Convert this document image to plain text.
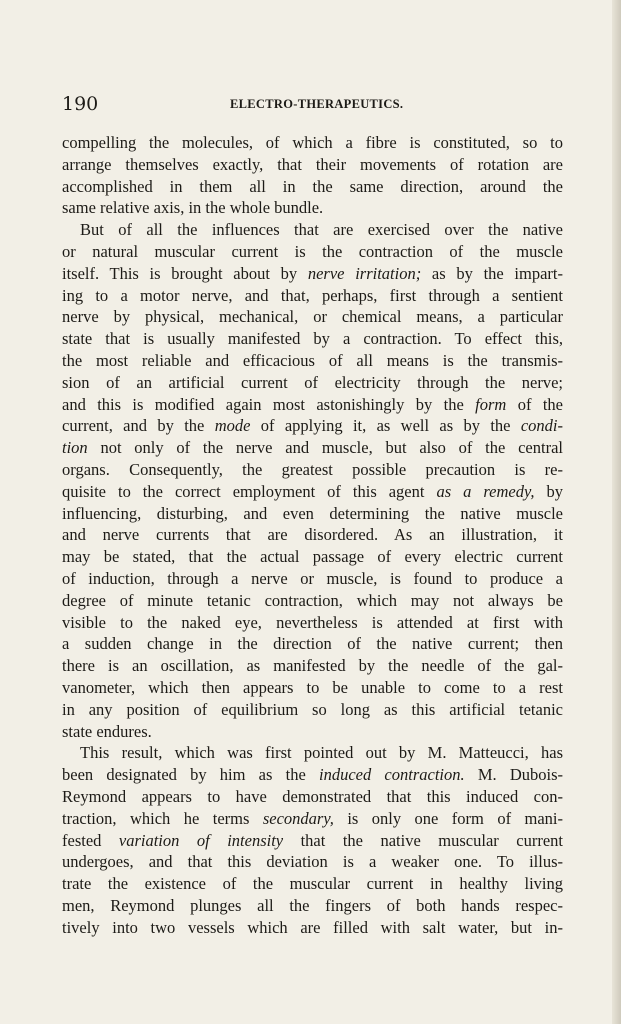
190	ELECTRO-THERAPEUTICS.
compelling the molecules, of which a fibre is constituted, so to
arrange themselves exactly, that their movements of rotation are
accomplished in them all in the same direction, around the
same relative axis, in the whole bundle.
But of all the influences that are exercised over the native
or natural muscular current is the contraction of the muscle
itself. This is brought about by nerve irritation; as by the impart-
ing to a motor nerve, and that, perhaps, first through a sentient
nerve by physical, mechanical, or chemical means, a particular
state that is usually manifested by a contraction. To effect this,
the most reliable and efficacious of all means is the transmis-
sion of an artificial current of electricity through the nerve;
and this is modified again most astonishingly by the form of the
current, and by the mode of applying it, as well as by the condi-
tion not only of the nerve and muscle, but also of the central
organs. Consequently, the greatest possible precaution is re-
quisite to the correct employment of this agent as a remedy, by
influencing, disturbing, and even determining the native muscle
and nerve currents that are disordered. As an illustration, it
may be stated, that the actual passage of every electric current
of induction, through a nerve or muscle, is found to produce a
degree of minute tetanic contraction, which may not always be
visible to the naked eye, nevertheless is attended at first with
a sudden change in the direction of the native current; then
there is an oscillation, as manifested by the needle of the gal-
vanometer, which then appears to be unable to come to a rest
in any position of equilibrium so long as this artificial tetanic
state endures.
This result, which was first pointed out by M. Matteucci, has
been designated by him as the induced contraction. M. Dubois-
Reymond appears to have demonstrated that this induced con-
traction, which he terms secondary, is only one form of mani-
fested variation of intensity that the native muscular current
undergoes, and that this deviation is a weaker one. To illus-
trate the existence of the muscular current in healthy living
men, Reymond plunges all the fingers of both hands respec-
tively into two vessels which are filled with salt water, but in-
